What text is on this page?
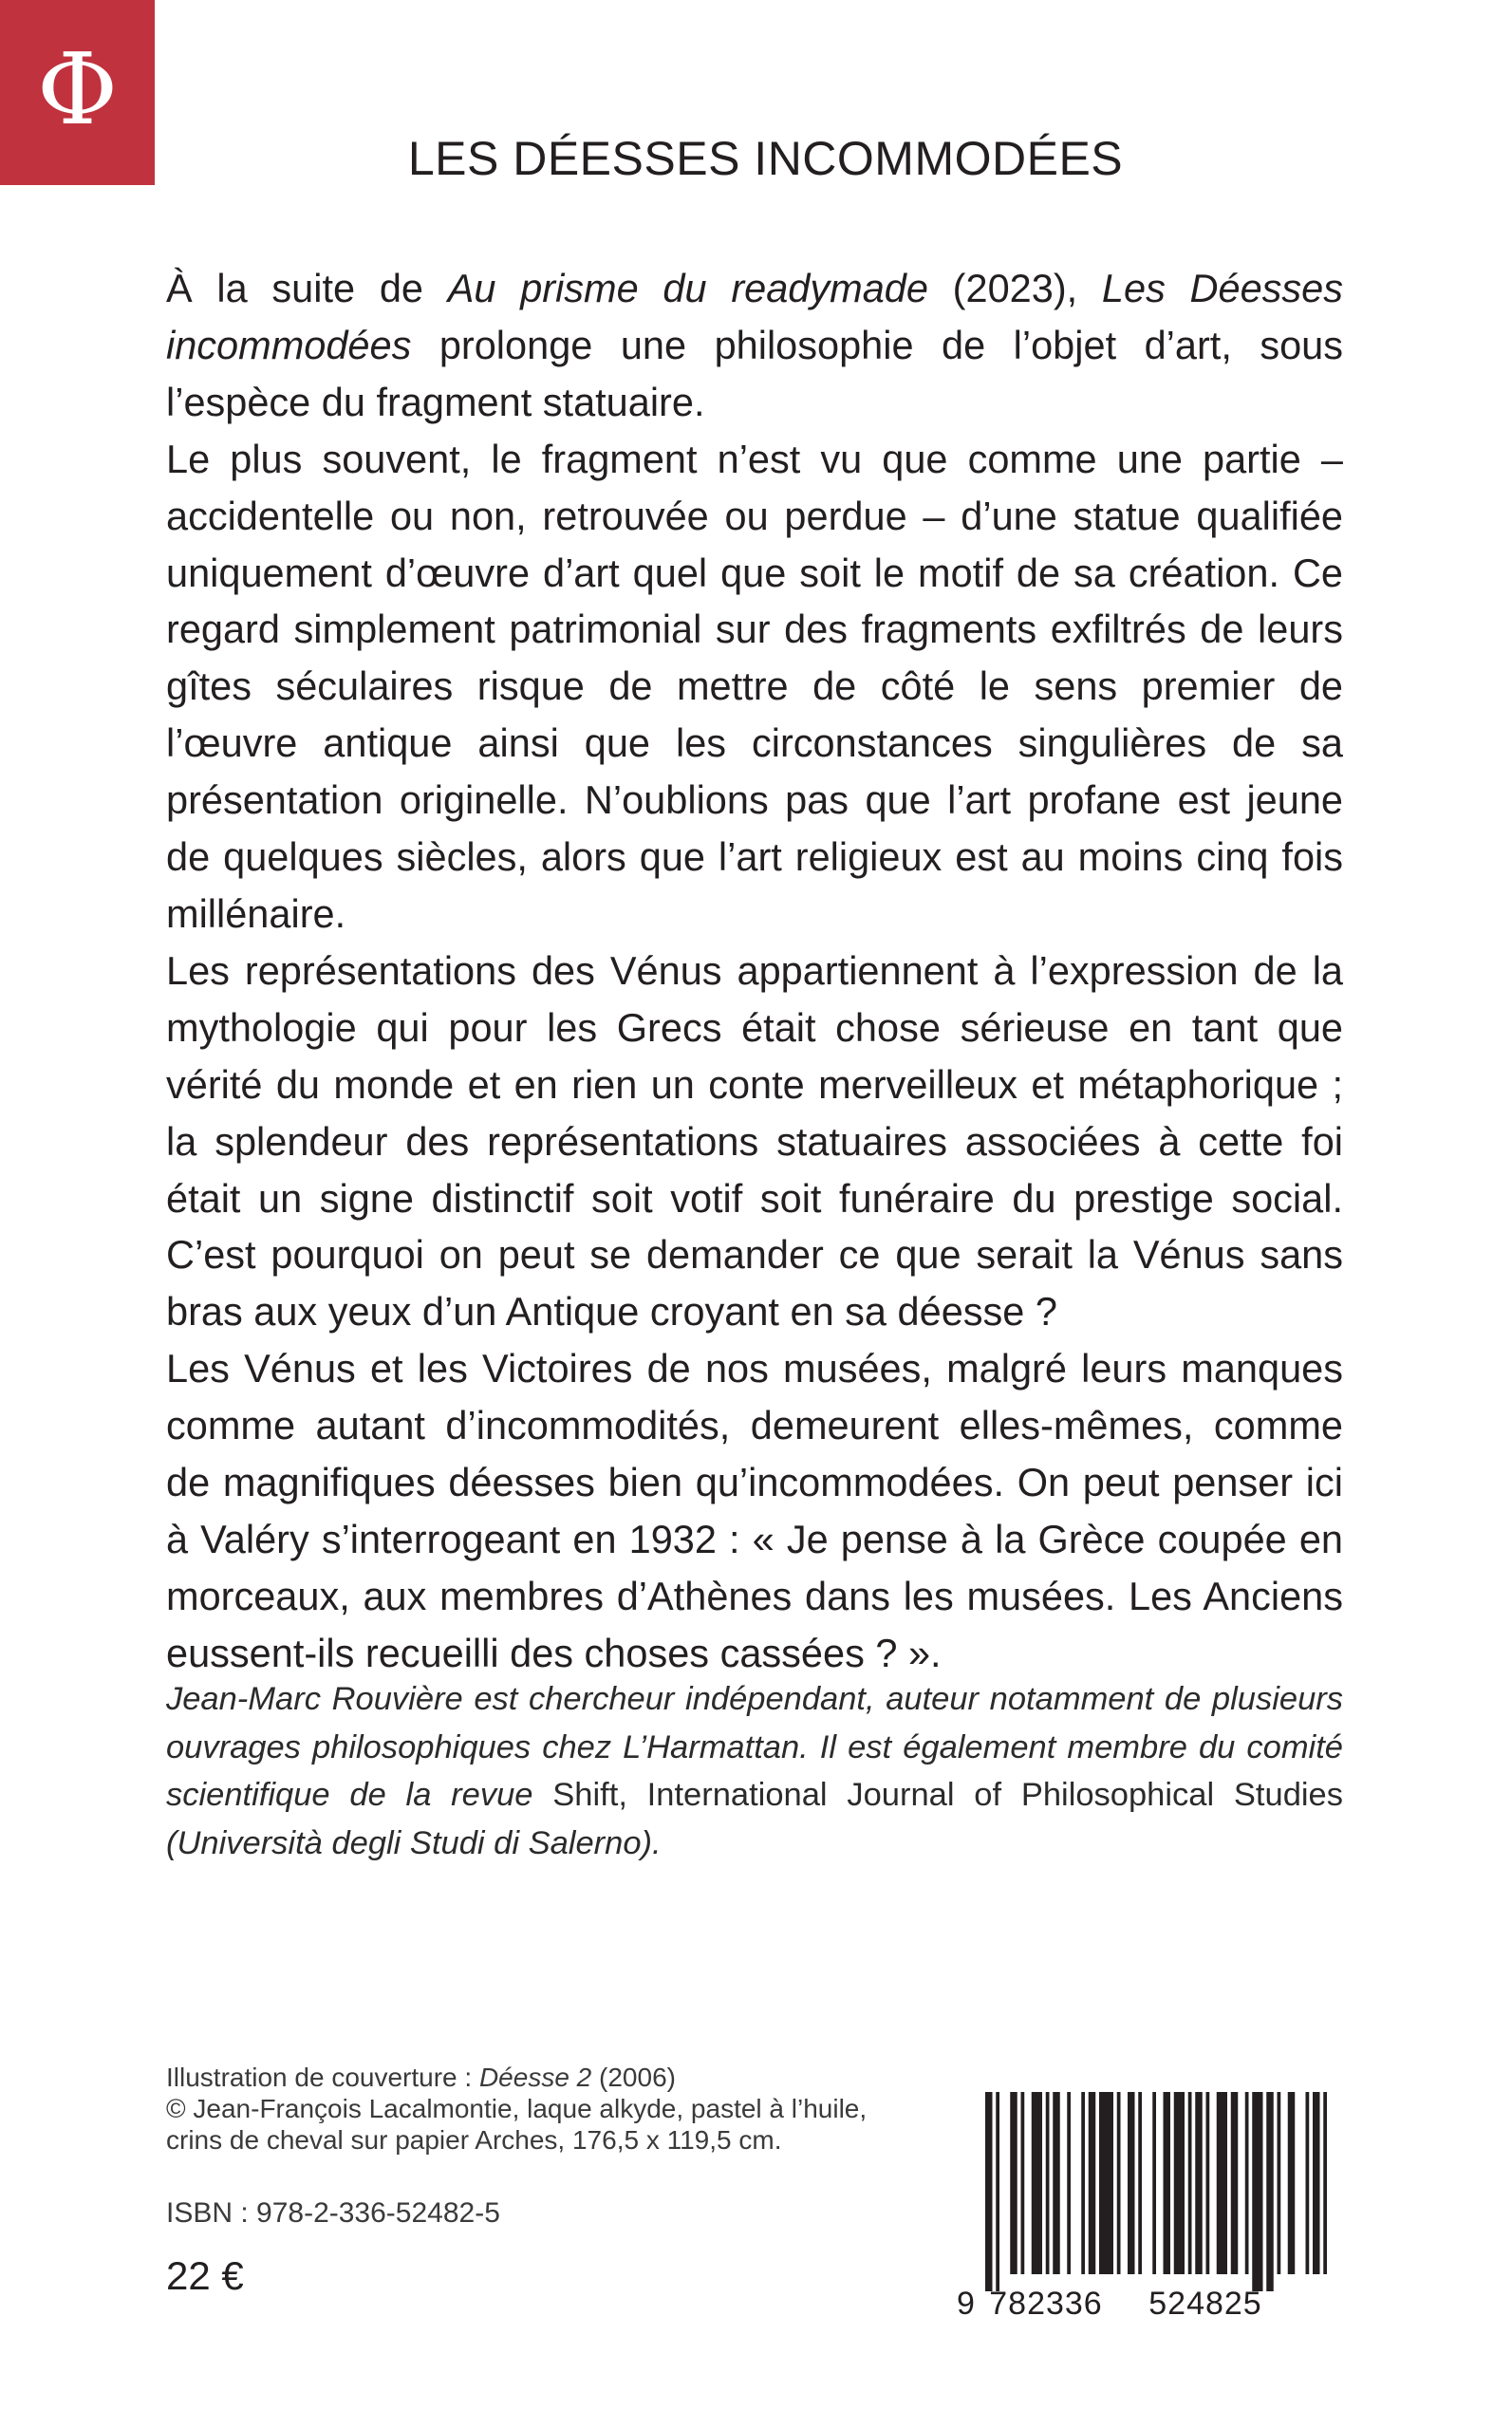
Φ
LES DÉESSES INCOMMODÉES

À la suite de Au prisme du readymade (2023), Les Déesses incommodées prolonge une philosophie de l’objet d’art, sous l’espèce du fragment statuaire.

Le plus souvent, le fragment n’est vu que comme une partie – accidentelle ou non, retrouvée ou perdue – d’une statue qualifiée uniquement d’œuvre d’art quel que soit le motif de sa création. Ce regard simplement patrimonial sur des fragments exfiltrés de leurs gîtes séculaires risque de mettre de côté le sens premier de l’œuvre antique ainsi que les circonstances singulières de sa présentation originelle. N’oublions pas que l’art profane est jeune de quelques siècles, alors que l’art religieux est au moins cinq fois millénaire.

Les représentations des Vénus appartiennent à l’expression de la mythologie qui pour les Grecs était chose sérieuse en tant que vérité du monde et en rien un conte merveilleux et métaphorique ; la splendeur des représentations statuaires associées à cette foi était un signe distinctif soit votif soit funéraire du prestige social. C’est pourquoi on peut se demander ce que serait la Vénus sans bras aux yeux d’un Antique croyant en sa déesse ?

Les Vénus et les Victoires de nos musées, malgré leurs manques comme autant d’incommodités, demeurent elles-mêmes, comme de magnifiques déesses bien qu’incommodées. On peut penser ici à Valéry s’interrogeant en 1932 : « Je pense à la Grèce coupée en morceaux, aux membres d’Athènes dans les musées. Les Anciens eussent-ils recueilli des choses cassées ? ».

Jean-Marc Rouvière est chercheur indépendant, auteur notamment de plusieurs ouvrages philosophiques chez L’Harmattan. Il est également membre du comité scientifique de la revue Shift, International Journal of Philosophical Studies (Università degli Studi di Salerno).

Illustration de couverture : Déesse 2 (2006)
© Jean-François Lacalmontie, laque alkyde, pastel à l’huile,
crins de cheval sur papier Arches, 176,5 x 119,5 cm.
ISBN : 978-2-336-52482-5
22 €
9 782336 524825
